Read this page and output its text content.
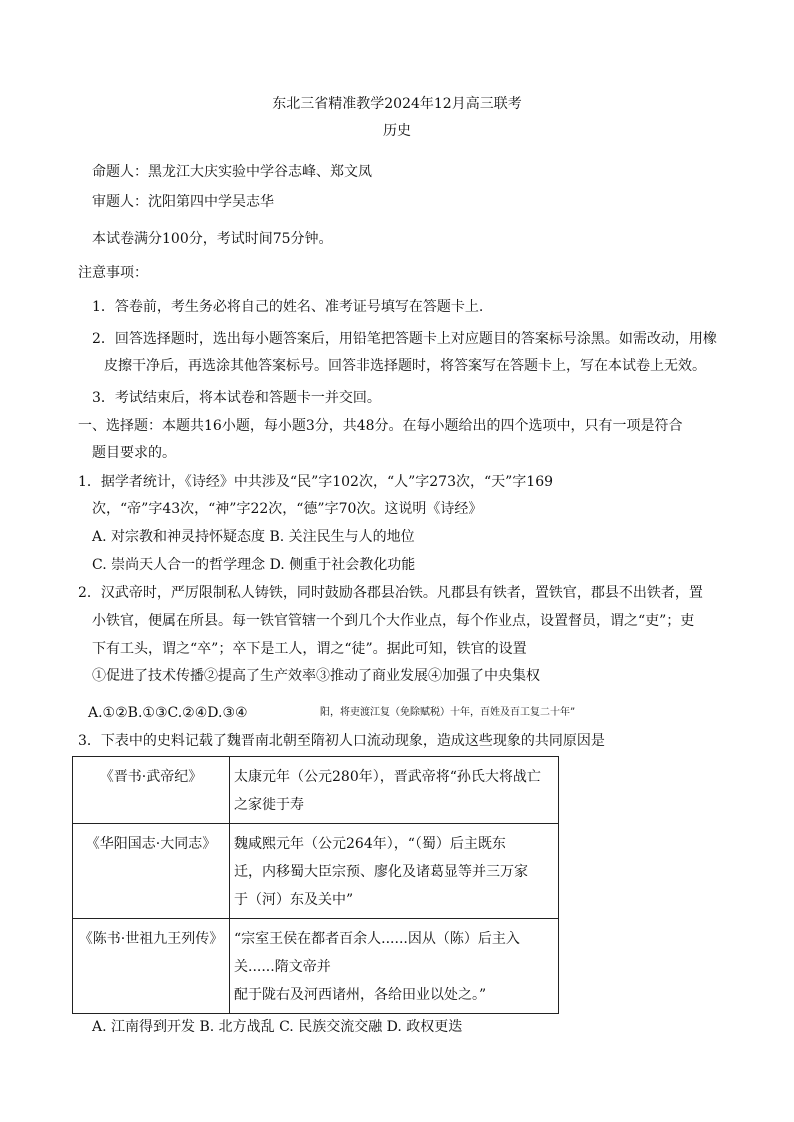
东北三省精准教学2024年12月高三联考
历史
命题人：黑龙江大庆实验中学谷志峰、郑文凤
审题人：沈阳第四中学吴志华
本试卷满分100分，考试时间75分钟。
注意事项：
1．答卷前，考生务必将自己的姓名、准考证号填写在答题卡上.
2．回答选择题时，选出每小题答案后，用铅笔把答题卡上对应题目的答案标号涂黑。如需改动，用橡
皮擦干净后，再选涂其他答案标号。回答非选择题时，将答案写在答题卡上，写在本试卷上无效。
3．考试结束后，将本试卷和答题卡一并交回。
一、选择题：本题共16小题，每小题3分，共48分。在每小题给出的四个选项中，只有一项是符合
题目要求的。
1．据学者统计，《诗经》中共涉及“民”字102次，“人”字273次，“天”字169
次，“帝”字43次，“神”字22次，“德”字70次。这说明《诗经》
A. 对宗教和神灵持怀疑态度 B. 关注民生与人的地位
C. 崇尚天人合一的哲学理念 D. 侧重于社会教化功能
2．汉武帝时，严厉限制私人铸铁，同时鼓励各郡县冶铁。凡郡县有铁者，置铁官，郡县不出铁者，置
小铁官，便属在所县。每一铁官管辖一个到几个大作业点，每个作业点，设置督员，谓之“吏”；吏
下有工头，谓之“卒”；卒下是工人，谓之“徒”。据此可知，铁官的设置
①促进了技术传播②提高了生产效率③推动了商业发展④加强了中央集权
A.①②B.①③C.②④D.③④	阳，将吏渡江复（免除赋税）十年，百姓及百工复二十年”
3．下表中的史料记载了魏晋南北朝至隋初人口流动现象，造成这些现象的共同原因是
《晋书·武帝纪》	太康元年（公元280年），晋武帝将“孙氏大将战亡
之家徙于寿

《华阳国志·大同志》	魏咸熙元年（公元264年），“（蜀）后主既东
迁，内移蜀大臣宗预、廖化及诸葛显等并三万家
于（河）东及关中”

《陈书·世祖九王列传》	“宗室王侯在都者百余人......因从（陈）后主入
关......隋文帝并
配于陇右及河西诸州，各给田业以处之。”
A. 江南得到开发 B. 北方战乱 C. 民族交流交融 D. 政权更迭
